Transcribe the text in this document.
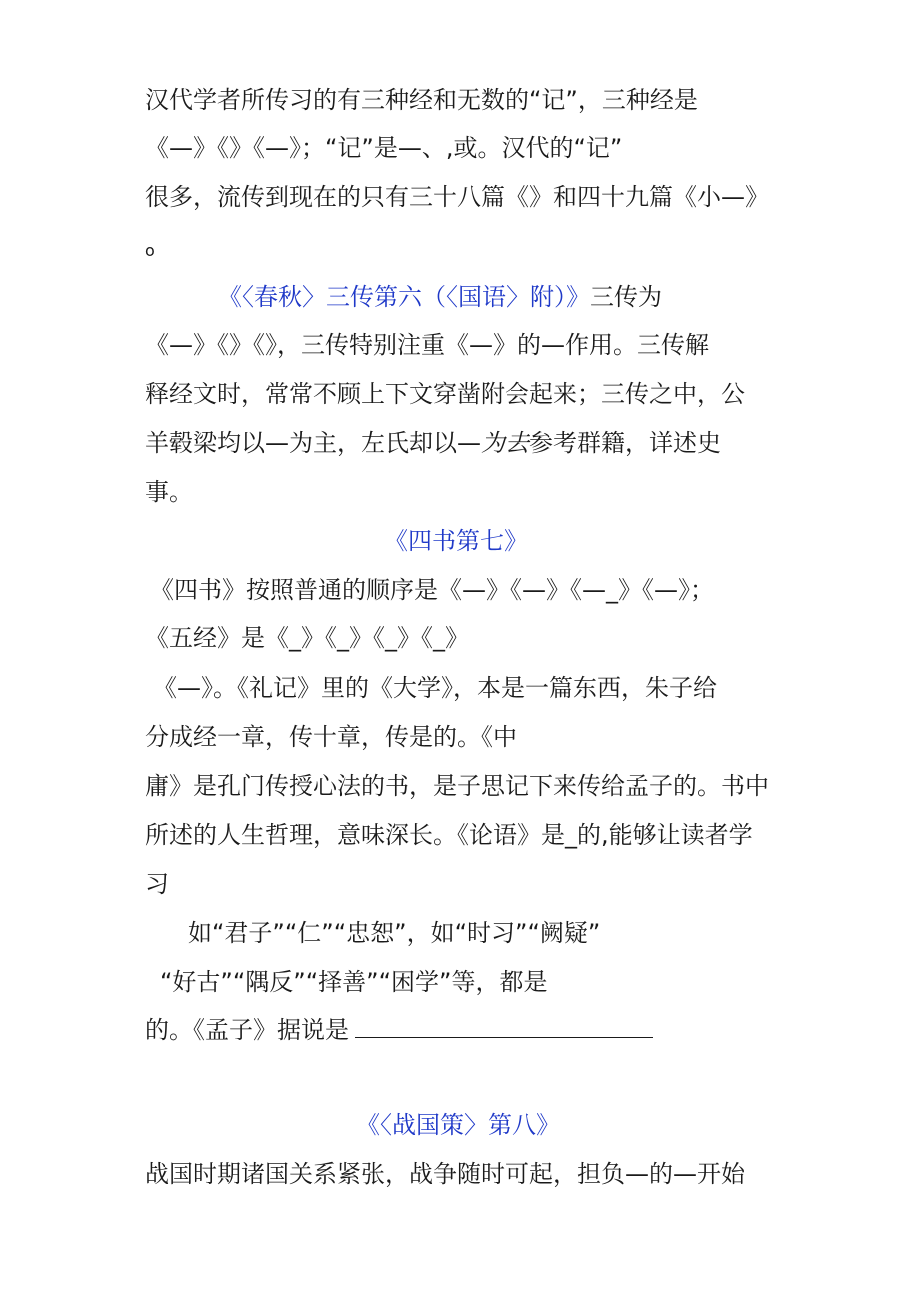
汉代学者所传习的有三种经和无数的“记”，三种经是

《—》《》《—》；“记”是—、,或。汉代的“记”

很多，流传到现在的只有三十八篇《》和四十九篇《小—》

o

《〈春秋〉三传第六（〈国语〉附）》三传为

《—》《》《》，三传特别注重《—》的—作用。三传解

释经文时，常常不顾上下文穿凿附会起来；三传之中，公

羊毂梁均以—为主，左氏却以—为去参考群籍，详述史

事。

《四书第七》

《四书》按照普通的顺序是《—》《—》《—_》《—》；

《五经》是《_》《_》《_》《_》

《—》。《礼记》里的《大学》，本是一篇东西，朱子给

分成经一章，传十章，传是的。《中

庸》是孔门传授心法的书，是子思记下来传给孟子的。书中

所述的人生哲理，意味深长。《论语》是_的,能够让读者学

习

如“君子”“仁”“忠恕”，如“时习”“阙疑”

“好古”“隅反”“择善”“困学”等，都是

的。《孟子》据说是

《〈战国策〉第八》

战国时期诸国关系紧张，战争随时可起，担负—的—开始
